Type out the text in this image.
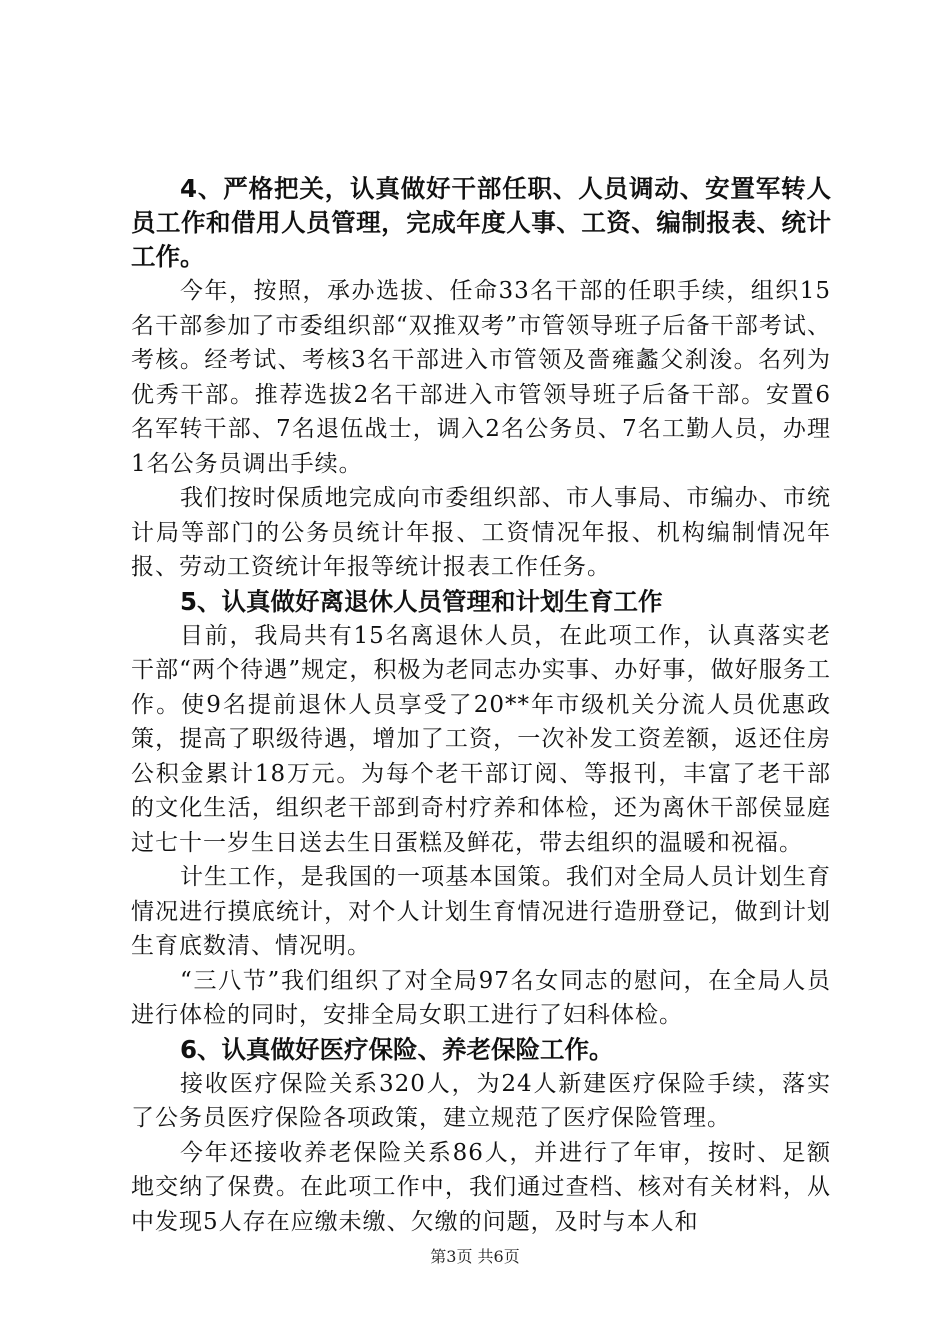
4、严格把关，认真做好干部任职、人员调动、安置军转人员工作和借用人员管理，完成年度人事、工资、编制报表、统计工作。

今年，按照，承办选拔、任命33名干部的任职手续，组织15名干部参加了市委组织部“双推双考”市管领导班子后备干部考试、考核。经考试、考核3名干部进入市管领及嗇雍蠡父刹浚。名列为优秀干部。推荐选拔2名干部进入市管领导班子后备干部。安置6名军转干部、7名退伍战士，调入2名公务员、7名工勤人员，办理1名公务员调出手续。

我们按时保质地完成向市委组织部、市人事局、市编办、市统计局等部门的公务员统计年报、工资情况年报、机构编制情况年报、劳动工资统计年报等统计报表工作任务。

5、认真做好离退休人员管理和计划生育工作

目前，我局共有15名离退休人员，在此项工作，认真落实老干部“两个待遇”规定，积极为老同志办实事、办好事，做好服务工作。使9名提前退休人员享受了20**年市级机关分流人员优惠政策，提高了职级待遇，增加了工资，一次补发工资差额，返还住房公积金累计18万元。为每个老干部订阅、等报刊，丰富了老干部的文化生活，组织老干部到奇村疗养和体检，还为离休干部侯显庭过七十一岁生日送去生日蛋糕及鲜花，带去组织的温暖和祝福。

计生工作，是我国的一项基本国策。我们对全局人员计划生育情况进行摸底统计，对个人计划生育情况进行造册登记，做到计划生育底数清、情况明。

“三八节”我们组织了对全局97名女同志的慰问，在全局人员进行体检的同时，安排全局女职工进行了妇科体检。

6、认真做好医疗保险、养老保险工作。

接收医疗保险关系320人，为24人新建医疗保险手续，落实了公务员医疗保险各项政策，建立规范了医疗保险管理。

今年还接收养老保险关系86人，并进行了年审，按时、足额地交纳了保费。在此项工作中，我们通过查档、核对有关材料，从中发现5人存在应缴未缴、欠缴的问题，及时与本人和

第3页 共6页
